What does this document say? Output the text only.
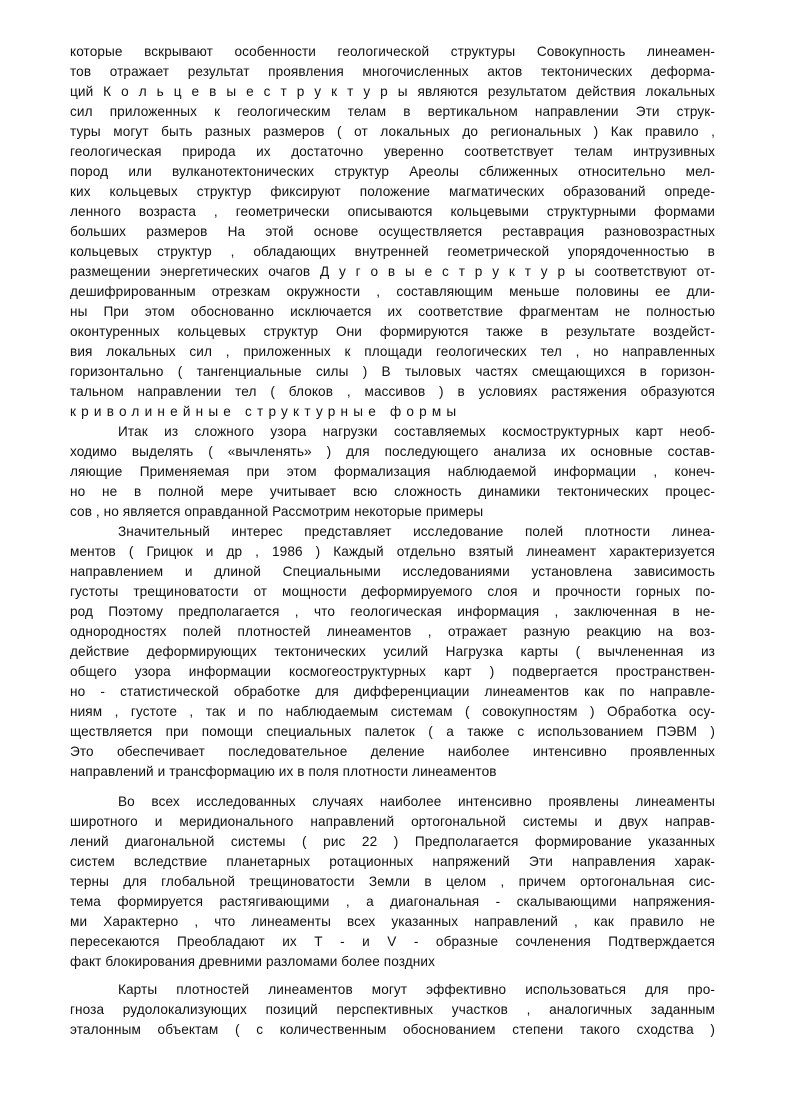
которые вскрывают особенности геологической структуры Совокупность линеамен-
тов отражает результат проявления многочисленных актов тектонических деформа-
ций К о л ь ц е в ы е с т р у к т у р ы являются результатом действия локальных
сил приложенных к геологическим телам в вертикальном направлении Эти струк-
туры могут быть разных размеров ( от локальных до региональных ) Как правило ,
геологическая природа их достаточно уверенно соответствует телам интрузивных
пород или вулканотектонических структур Ареолы сближенных относительно мел-
ких кольцевых структур фиксируют положение магматических образований опреде-
ленного возраста , геометрически описываются кольцевыми структурными формами
больших размеров На этой основе осуществляется реставрация разновозрастных
кольцевых структур , обладающих внутренней геометрической упорядоченностью в
размещении энергетических очагов Д у г о в ы е с т р у к т у р ы соответствуют от-
дешифрированным отрезкам окружности , составляющим меньше половины ее дли-
ны При этом обоснованно исключается их соответствие фрагментам не полностью
оконтуренных кольцевых структур Они формируются также в результате воздейст-
вия локальных сил , приложенных к площади геологических тел , но направленных
горизонтально ( тангенциальные силы ) В тыловых частях смещающихся в горизон-
тальном направлении тел ( блоков , массивов ) в условиях растяжения образуются
криволинейные структурные формы
Итак из сложного узора нагрузки составляемых космоструктурных карт необ-
ходимо выделять ( «вычленять» ) для последующего анализа их основные состав-
ляющие Применяемая при этом формализация наблюдаемой информации , конеч-
но не в полной мере учитывает всю сложность динамики тектонических процес-
сов , но является оправданной Рассмотрим некоторые примеры
Значительный интерес представляет исследование полей плотности линеа-
ментов ( Грицюк и др , 1986 ) Каждый отдельно взятый линеамент характеризуется
направлением и длиной Специальными исследованиями установлена зависимость
густоты трещиноватости от мощности деформируемого слоя и прочности горных по-
род Поэтому предполагается , что геологическая информация , заключенная в не-
однородностях полей плотностей линеаментов , отражает разную реакцию на воз-
действие деформирующих тектонических усилий Нагрузка карты ( вычлененная из
общего узора информации космогеоструктурных карт ) подвергается пространствен-
но - статистической обработке для дифференциации линеаментов как по направле-
ниям , густоте , так и по наблюдаемым системам ( совокупностям ) Обработка осу-
ществляется при помощи специальных палеток ( а также с использованием ПЭВМ )
Это обеспечивает последовательное деление наиболее интенсивно проявленных
направлений и трансформацию их в поля плотности линеаментов
Во всех исследованных случаях наиболее интенсивно проявлены линеаменты
широтного и меридионального направлений ортогональной системы и двух направ-
лений диагональной системы ( рис 22 ) Предполагается формирование указанных
систем вследствие планетарных ротационных напряжений Эти направления харак-
терны для глобальной трещиноватости Земли в целом , причем ортогональная сис-
тема формируется растягивающими , а диагональная - скалывающими напряжения-
ми Характерно , что линеаменты всех указанных направлений , как правило не
пересекаются Преобладают их Т - и V - образные сочленения Подтверждается
факт блокирования древними разломами более поздних
Карты плотностей линеаментов могут эффективно использоваться для про-
гноза рудолокализующих позиций перспективных участков , аналогичных заданным
эталонным объектам ( с количественным обоснованием степени такого сходства )
